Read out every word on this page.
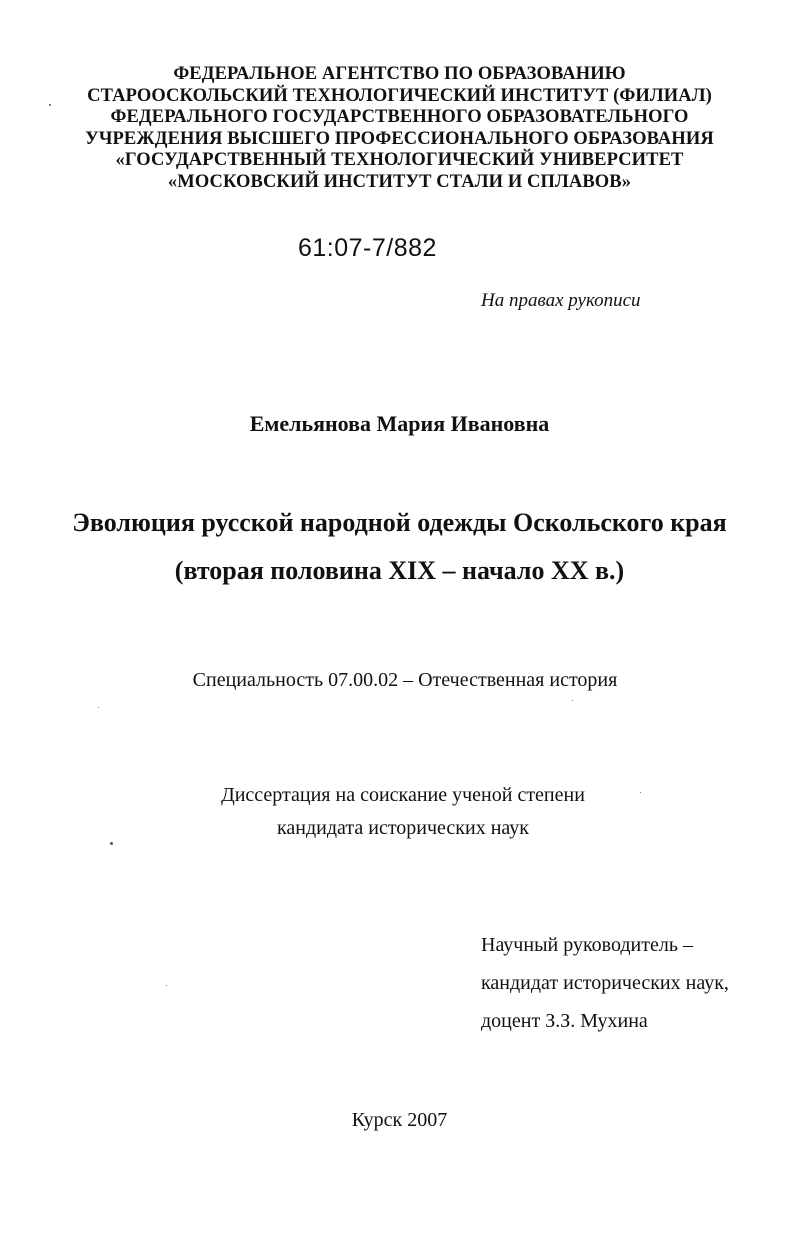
ФЕДЕРАЛЬНОЕ АГЕНТСТВО ПО ОБРАЗОВАНИЮ
СТАРООСКОЛЬСКИЙ ТЕХНОЛОГИЧЕСКИЙ ИНСТИТУТ (ФИЛИАЛ)
ФЕДЕРАЛЬНОГО ГОСУДАРСТВЕННОГО ОБРАЗОВАТЕЛЬНОГО
УЧРЕЖДЕНИЯ ВЫСШЕГО ПРОФЕССИОНАЛЬНОГО ОБРАЗОВАНИЯ
«ГОСУДАРСТВЕННЫЙ ТЕХНОЛОГИЧЕСКИЙ УНИВЕРСИТЕТ
«МОСКОВСКИЙ ИНСТИТУТ СТАЛИ И СПЛАВОВ»
61:07-7/882
На правах рукописи
Емельянова Мария Ивановна
Эволюция русской народной одежды Оскольского края
(вторая половина XIX – начало XX в.)
Специальность 07.00.02 – Отечественная история
Диссертация на соискание ученой степени
кандидата исторических наук
Научный руководитель –
кандидат исторических наук,
доцент З.З. Мухина
Курск 2007
